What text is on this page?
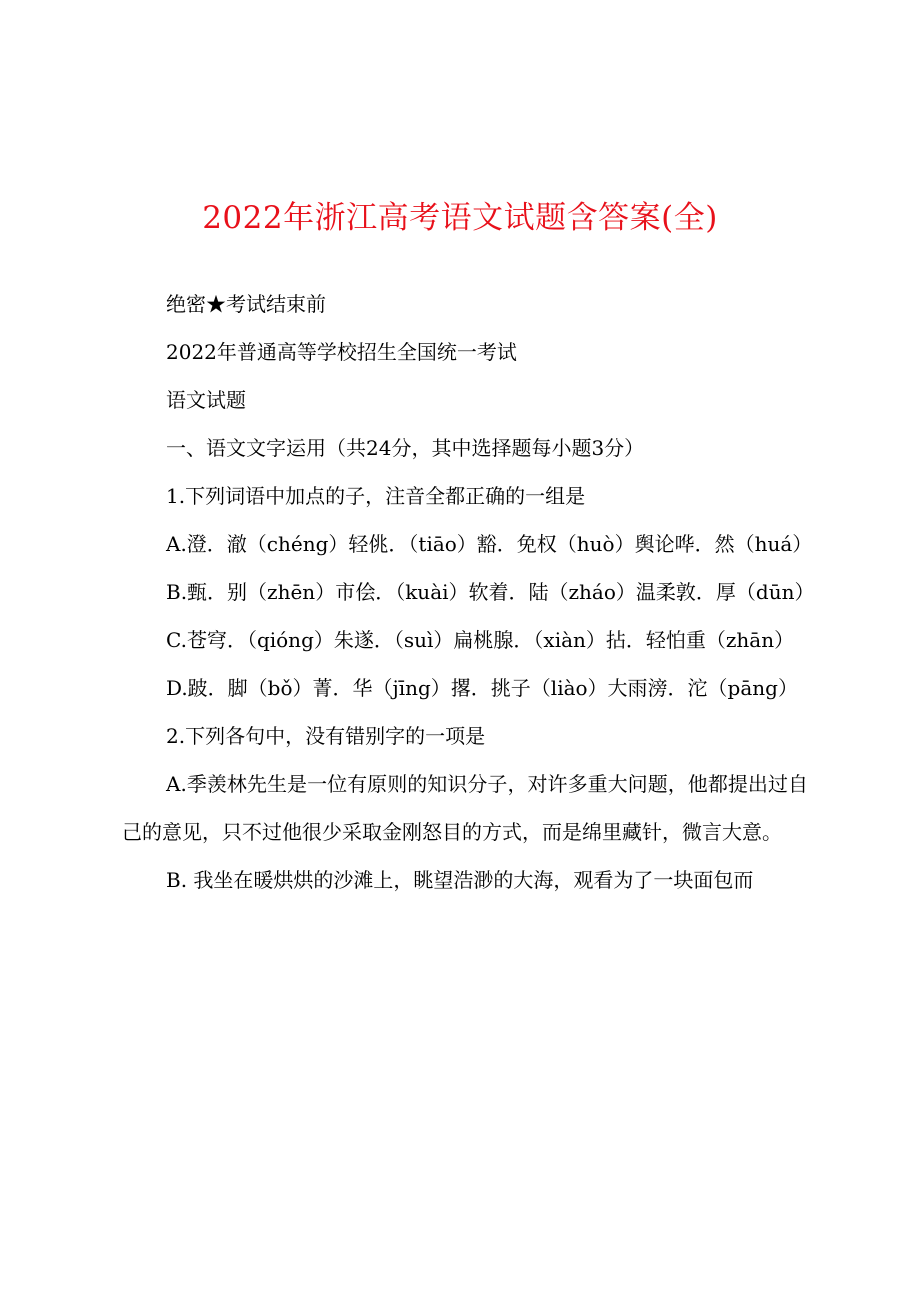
2022年浙江高考语文试题含答案(全)

绝密★考试结束前

2022年普通高等学校招生全国统一考试

语文试题

一、语文文字运用（共24分，其中选择题每小题3分）

1.下列词语中加点的子，注音全都正确的一组是

A.澄．澈（chéng）轻佻．（tiāo）豁．免权（huò）舆论哗．然（huá）

B.甄．别（zhēn）市侩．（kuài）软着．陆（zháo）温柔敦．厚（dūn）

C.苍穹．（qióng）朱遂．（suì）扁桃腺．（xiàn）拈．轻怕重（zhān）

D.跛．脚（bǒ）菁．华（jīng）撂．挑子（liào）大雨滂．沱（pāng）

2.下列各句中，没有错别字的一项是

A.季羡林先生是一位有原则的知识分子，对许多重大问题，他都提出过自己的意见，只不过他很少采取金刚怒目的方式，而是绵里藏针，微言大意。

B. 我坐在暖烘烘的沙滩上，眺望浩渺的大海，观看为了一块面包而
